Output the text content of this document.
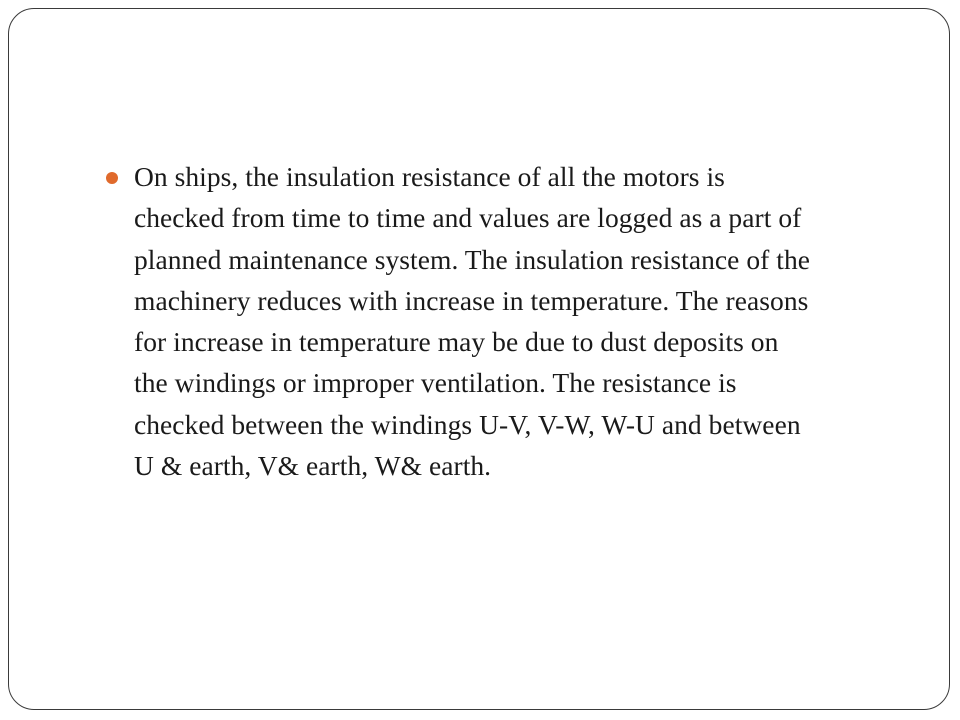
On ships, the insulation resistance of all the motors is
checked from time to time and values are logged as a part of
planned maintenance system. The insulation resistance of the
machinery reduces with increase in temperature. The reasons
for increase in temperature may be due to dust deposits on
the windings or improper ventilation. The resistance is
checked between the windings U-V, V-W, W-U and between
U & earth, V& earth, W& earth.
